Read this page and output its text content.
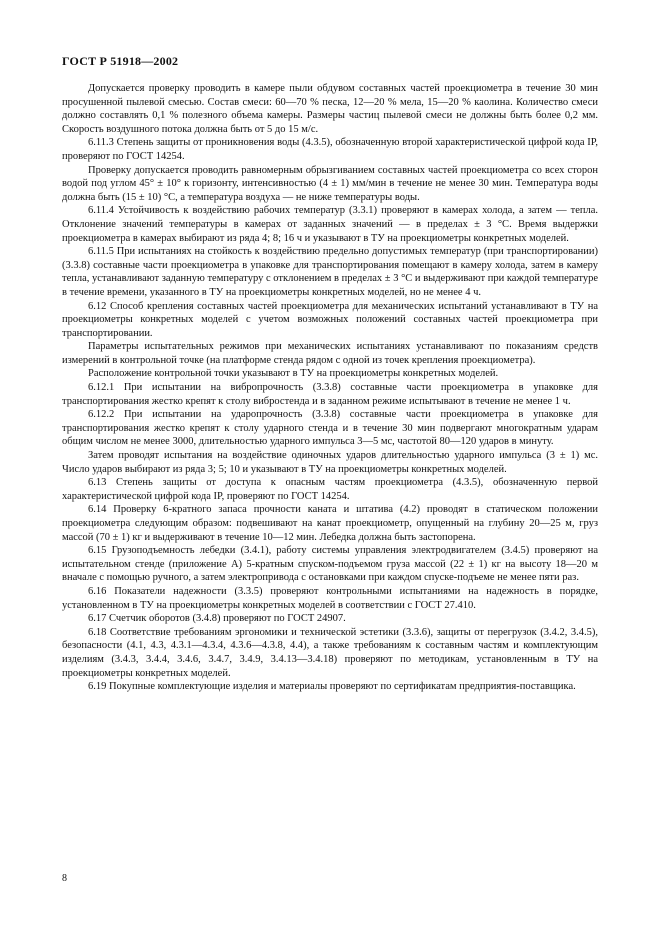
ГОСТ Р 51918—2002

Допускается проверку проводить в камере пыли обдувом составных частей проекциометра в течение 30 мин просушенной пылевой смесью. Состав смеси: 60—70 % песка, 12—20 % мела, 15—20 % каолина. Количество смеси должно составлять 0,1 % полезного объема камеры. Размеры частиц пылевой смеси не должны быть более 0,2 мм. Скорость воздушного потока должна быть от 5 до 15 м/с.

6.11.3 Степень защиты от проникновения воды (4.3.5), обозначенную второй характеристической цифрой кода IP, проверяют по ГОСТ 14254.

Проверку допускается проводить равномерным обрызгиванием составных частей проекциометра со всех сторон водой под углом 45° ± 10° к горизонту, интенсивностью (4 ± 1) мм/мин в течение не менее 30 мин. Температура воды должна быть (15 ± 10) °С, а температура воздуха — не ниже температуры воды.

6.11.4 Устойчивость к воздействию рабочих температур (3.3.1) проверяют в камерах холода, а затем — тепла. Отклонение значений температуры в камерах от заданных значений — в пределах ± 3 °С. Время выдержки проекциометра в камерах выбирают из ряда 4; 8; 16 ч и указывают в ТУ на проекциометры конкретных моделей.

6.11.5 При испытаниях на стойкость к воздействию предельно допустимых температур (при транспортировании) (3.3.8) составные части проекциометра в упаковке для транспортирования помещают в камеру холода, затем в камеру тепла, устанавливают заданную температуру с отклонением в пределах ± 3 °С и выдерживают при каждой температуре в течение времени, указанного в ТУ на проекциометры конкретных моделей, но не менее 4 ч.

6.12 Способ крепления составных частей проекциометра для механических испытаний устанавливают в ТУ на проекциометры конкретных моделей с учетом возможных положений составных частей проекциометра при транспортировании.

Параметры испытательных режимов при механических испытаниях устанавливают по показаниям средств измерений в контрольной точке (на платформе стенда рядом с одной из точек крепления проекциометра).

Расположение контрольной точки указывают в ТУ на проекциометры конкретных моделей.

6.12.1 При испытании на вибропрочность (3.3.8) составные части проекциометра в упаковке для транспортирования жестко крепят к столу вибростенда и в заданном режиме испытывают в течение не менее 1 ч.

6.12.2 При испытании на ударопрочность (3.3.8) составные части проекциометра в упаковке для транспортирования жестко крепят к столу ударного стенда и в течение 30 мин подвергают многократным ударам общим числом не менее 3000, длительностью ударного импульса 3—5 мс, частотой 80—120 ударов в минуту.

Затем проводят испытания на воздействие одиночных ударов длительностью ударного импульса (3 ± 1) мс. Число ударов выбирают из ряда 3; 5; 10 и указывают в ТУ на проекциометры конкретных моделей.

6.13 Степень защиты от доступа к опасным частям проекциометра (4.3.5), обозначенную первой характеристической цифрой кода IP, проверяют по ГОСТ 14254.

6.14 Проверку 6-кратного запаса прочности каната и штатива (4.2) проводят в статическом положении проекциометра следующим образом: подвешивают на канат проекциометр, опущенный на глубину 20—25 м, груз массой (70 ± 1) кг и выдерживают в течение 10—12 мин. Лебедка должна быть застопорена.

6.15 Грузоподъемность лебедки (3.4.1), работу системы управления электродвигателем (3.4.5) проверяют на испытательном стенде (приложение А) 5-кратным спуском-подъемом груза массой (22 ± 1) кг на высоту 18—20 м вначале с помощью ручного, а затем электропривода с остановками при каждом спуске-подъеме не менее пяти раз.

6.16 Показатели надежности (3.3.5) проверяют контрольными испытаниями на надежность в порядке, установленном в ТУ на проекциометры конкретных моделей в соответствии с ГОСТ 27.410.

6.17 Счетчик оборотов (3.4.8) проверяют по ГОСТ 24907.

6.18 Соответствие требованиям эргономики и технической эстетики (3.3.6), защиты от перегрузок (3.4.2, 3.4.5), безопасности (4.1, 4.3, 4.3.1—4.3.4, 4.3.6—4.3.8, 4.4), а также требованиям к составным частям и комплектующим изделиям (3.4.3, 3.4.4, 3.4.6, 3.4.7, 3.4.9, 3.4.13—3.4.18) проверяют по методикам, установленным в ТУ на проекциометры конкретных моделей.

6.19 Покупные комплектующие изделия и материалы проверяют по сертификатам предприятия-поставщика.

8
